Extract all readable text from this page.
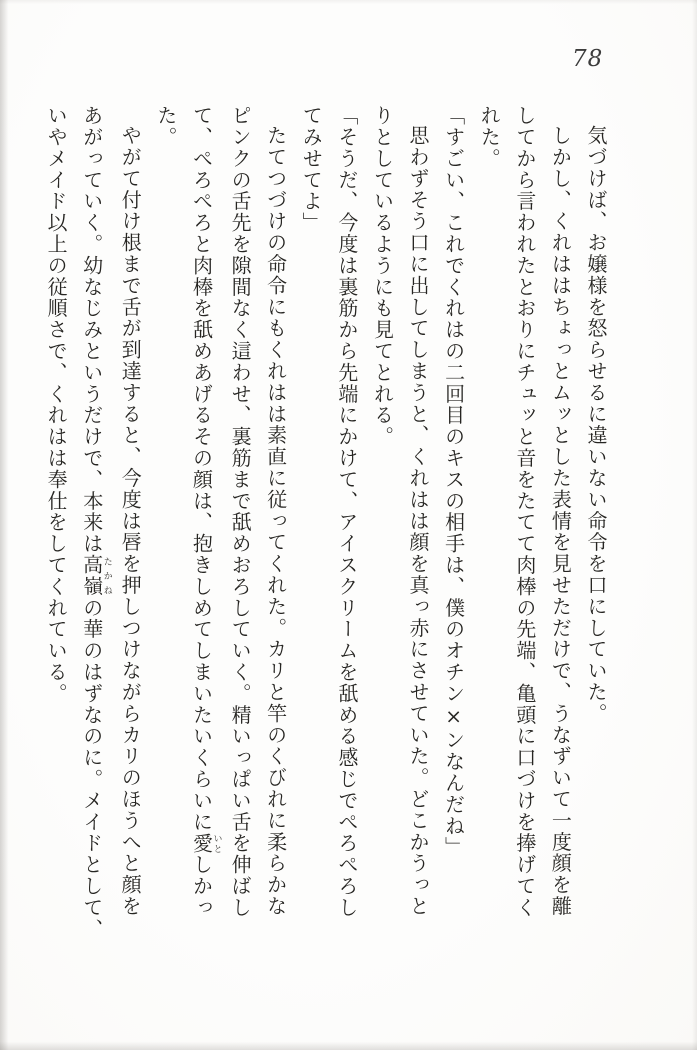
78

気づけば、お嬢様を怒らせるに違いない命令を口にしていた。

しかし、くれははちょっとムッとした表情を見せただけで、うなずいて一度顔を離

してから言われたとおりにチュッと音をたてて肉棒の先端、亀頭に口づけを捧げてく

れた。

「すごい、これでくれはの二回目のキスの相手は、僕のオチン×ンなんだね」

思わずそう口に出してしまうと、くれはは顔を真っ赤にさせていた。どこかうっと

りとしているようにも見てとれる。

「そうだ、今度は裏筋から先端にかけて、アイスクリームを舐める感じでぺろぺろし

てみせてよ」

たてつづけの命令にもくれはは素直に従ってくれた。カリと竿のくびれに柔らかな

ピンクの舌先を隙間なく這わせ、裏筋まで舐めおろしていく。精いっぱい舌を伸ばし

て、ぺろぺろと肉棒を舐めあげるその顔は、抱きしめてしまいたいくらいに愛いとしかっ

た。

やがて付け根まで舌が到達すると、今度は唇を押しつけながらカリのほうへと顔を

あがっていく。幼なじみというだけで、本来は高嶺たかねの華のはずなのに。メイドとして、

いやメイド以上の従順さで、くれはは奉仕をしてくれている。
